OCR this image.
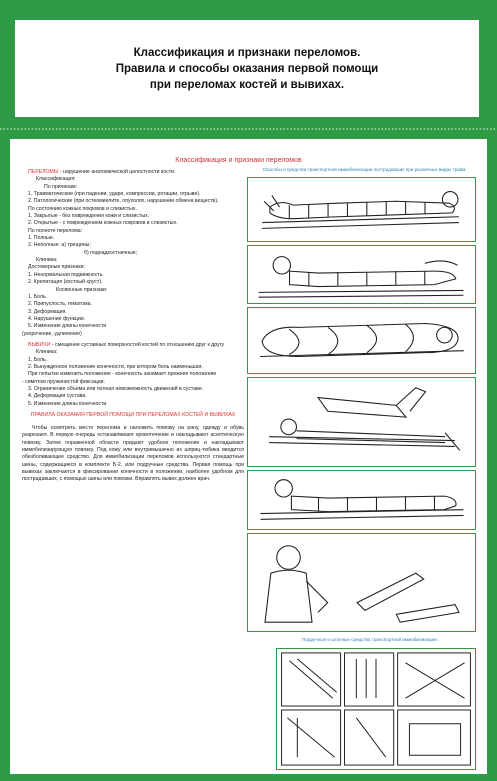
Классификация и признаки переломов.
Правила и способы оказания первой помощи
при переломах костей и вывихах.
Классификация и признаки переломов
Способы и средства транспортной иммобилизации пострадавших при различных видах травм

ПЕРЕЛОМЫ - нарушение анатомической целостности кости.

Классификация:

По причинам:

1. Травматические (при падении, ударе, компрессии, ротации, отрыве).

2. Патологические (при остеомиелите, опухолях, нарушении обмена веществ).

По состоянию кожных покровов и слизистых.

1. Закрытые - без повреждения кожи и слизистых.

2. Открытые - с повреждением кожных покровов и слизистых.

По полноте перелома:

1. Полные.

2. Неполные: а) трещины;

б) поднадкостничные;

Клиника:

Достоверные признаки:

1. Ненормальная подвижность.

2. Крепитация (костный хруст).

Косвенные признаки:

1. Боль.

2. Припухлость, гематома.

3. Деформация.

4. Нарушение функции.

5. Изменение длины конечности

(укорочение, удлинение)

ВЫВИХИ - смещение суставных поверхностей костей по отношению друг к другу

Клиника:

1. Боль.

2. Вынужденное положение конечности, при котором боль наименьшая.

При попытке изменить положение - конечность занимает прежнее положение

- симптом пружинистой фиксации.

3. Ограничение объема или полная невозможность движений в суставе.

4. Деформация сустава.

5. Изменение длины конечности.

ПРАВИЛА ОКАЗАНИЯ ПЕРВОЙ ПОМОЩИ ПРИ ПЕРЕЛОМАХ КОСТЕЙ И ВЫВИХАХ

Чтобы осмотреть место перелома и наложить повязку на рану, одежду и обувь разрезают. В первую очередь останавливают кровотечение и накладывают асептическую повязку. Затем пораженной области придают удобное положение и накладывают иммобилизирующую повязку. Под кожу или внутримышечно из шприц-тюбика вводится обезболивающее средство. Для иммобилизации переломов используются стандартные шины, содержащиеся в комплекте Б-2, или подручные средства. Первая помощь при вывихах заключается в фиксировании конечности в положении, наиболее удобном для пострадавших, с помощью шины или повязки. Вправлять вывих должен врач.

Подручные и штатные средства транспортной иммобилизации.
